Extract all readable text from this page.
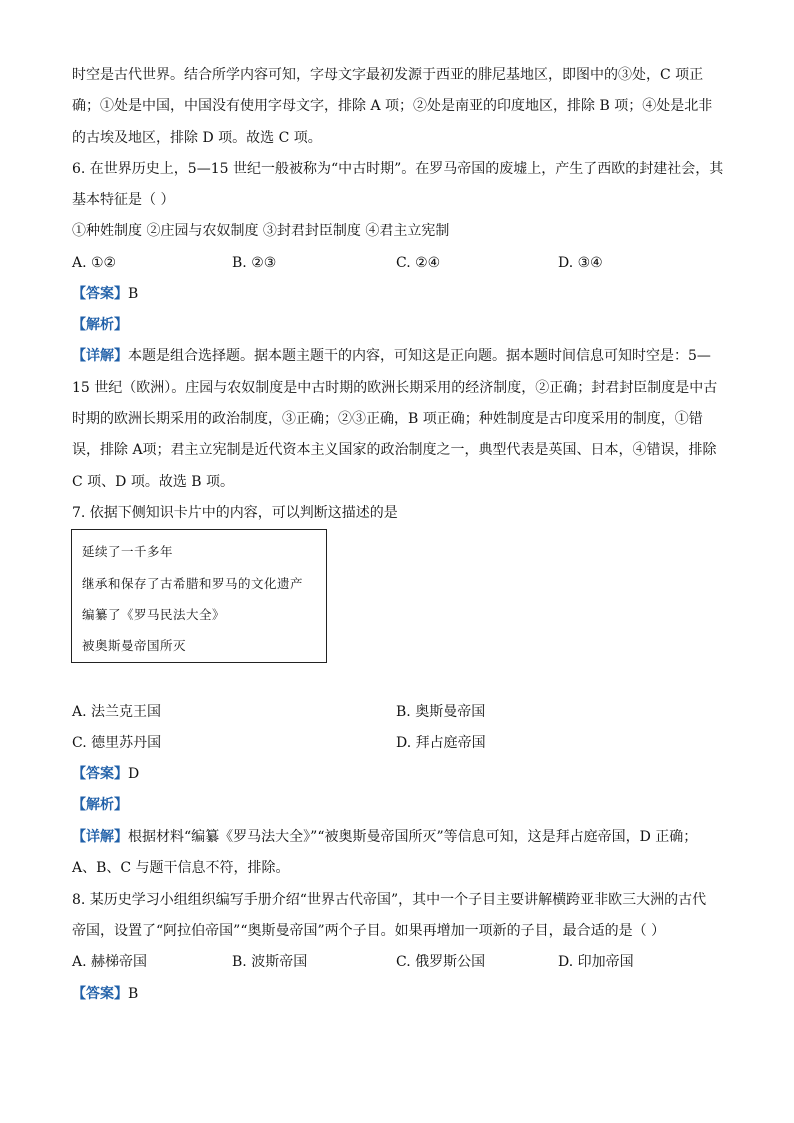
时空是古代世界。结合所学内容可知，字母文字最初发源于西亚的腓尼基地区，即图中的③处，C 项正
确；①处是中国，中国没有使用字母文字，排除 A 项；②处是南亚的印度地区，排除 B 项；④处是北非
的古埃及地区，排除 D 项。故选 C 项。
6. 在世界历史上，5—15 世纪一般被称为“中古时期”。在罗马帝国的废墟上，产生了西欧的封建社会，其
基本特征是（ ）
①种姓制度 ②庄园与农奴制度 ③封君封臣制度 ④君主立宪制
A. ①②	B. ②③	C. ②④	D. ③④
【答案】B
【解析】
【详解】本题是组合选择题。据本题主题干的内容，可知这是正向题。据本题时间信息可知时空是：5—
15 世纪（欧洲）。庄园与农奴制度是中古时期的欧洲长期采用的经济制度，②正确；封君封臣制度是中古
时期的欧洲长期采用的政治制度，③正确；②③正确，B 项正确；种姓制度是古印度采用的制度，①错
误，排除 A项；君主立宪制是近代资本主义国家的政治制度之一，典型代表是英国、日本，④错误，排除
C 项、D 项。故选 B 项。
7. 依据下侧知识卡片中的内容，可以判断这描述的是
延续了一千多年
继承和保存了古希腊和罗马的文化遗产
编纂了《罗马民法大全》
被奥斯曼帝国所灭
A. 法兰克王国	B. 奥斯曼帝国
C. 德里苏丹国	D. 拜占庭帝国
【答案】D
【解析】
【详解】根据材料“编纂《罗马法大全》”“被奥斯曼帝国所灭”等信息可知，这是拜占庭帝国，D 正确；
A、B、C 与题干信息不符，排除。
8. 某历史学习小组组织编写手册介绍“世界古代帝国”，其中一个子目主要讲解横跨亚非欧三大洲的古代
帝国，设置了“阿拉伯帝国”“奥斯曼帝国”两个子目。如果再增加一项新的子目，最合适的是（ ）
A. 赫梯帝国	B. 波斯帝国	C. 俄罗斯公国	D. 印加帝国
【答案】B
